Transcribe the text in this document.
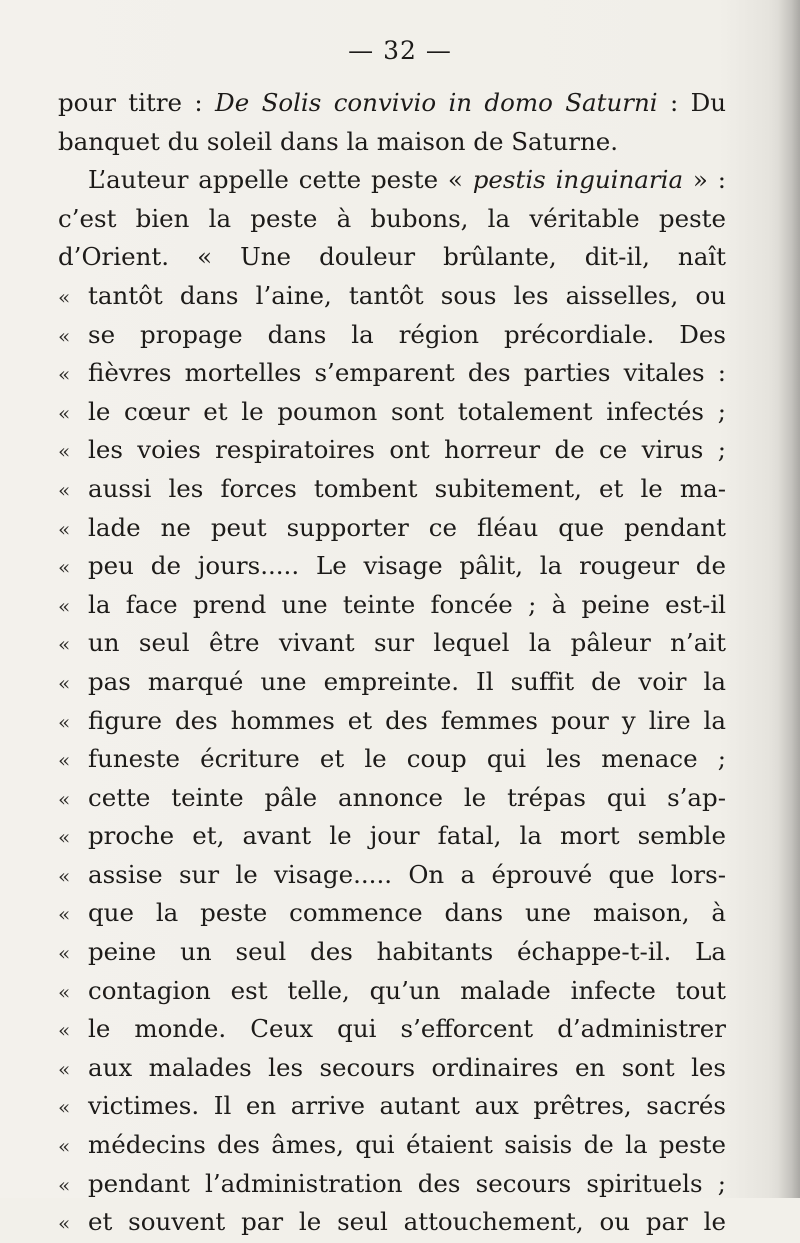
— 32 —
pour titre : De Solis convivio in domo Saturni : Du
banquet du soleil dans la maison de Saturne.
L’auteur appelle cette peste « pestis inguinaria » :
c’est bien la peste à bubons, la véritable peste
d’Orient. « Une douleur brûlante, dit-il, naît
« tantôt dans l’aine, tantôt sous les aisselles, ou
« se propage dans la région précordiale. Des
« fièvres mortelles s’emparent des parties vitales :
« le cœur et le poumon sont totalement infectés ;
« les voies respiratoires ont horreur de ce virus ;
« aussi les forces tombent subitement, et le ma-
« lade ne peut supporter ce fléau que pendant
« peu de jours..... Le visage pâlit, la rougeur de
« la face prend une teinte foncée ; à peine est-il
« un seul être vivant sur lequel la pâleur n’ait
« pas marqué une empreinte. Il suffit de voir la
« figure des hommes et des femmes pour y lire la
« funeste écriture et le coup qui les menace ;
« cette teinte pâle annonce le trépas qui s’ap-
« proche et, avant le jour fatal, la mort semble
« assise sur le visage..... On a éprouvé que lors-
« que la peste commence dans une maison, à
« peine un seul des habitants échappe-t-il. La
« contagion est telle, qu’un malade infecte tout
« le monde. Ceux qui s’efforcent d’administrer
« aux malades les secours ordinaires en sont les
« victimes. Il en arrive autant aux prêtres, sacrés
« médecins des âmes, qui étaient saisis de la peste
« pendant l’administration des secours spirituels ;
« et souvent par le seul attouchement, ou par le
